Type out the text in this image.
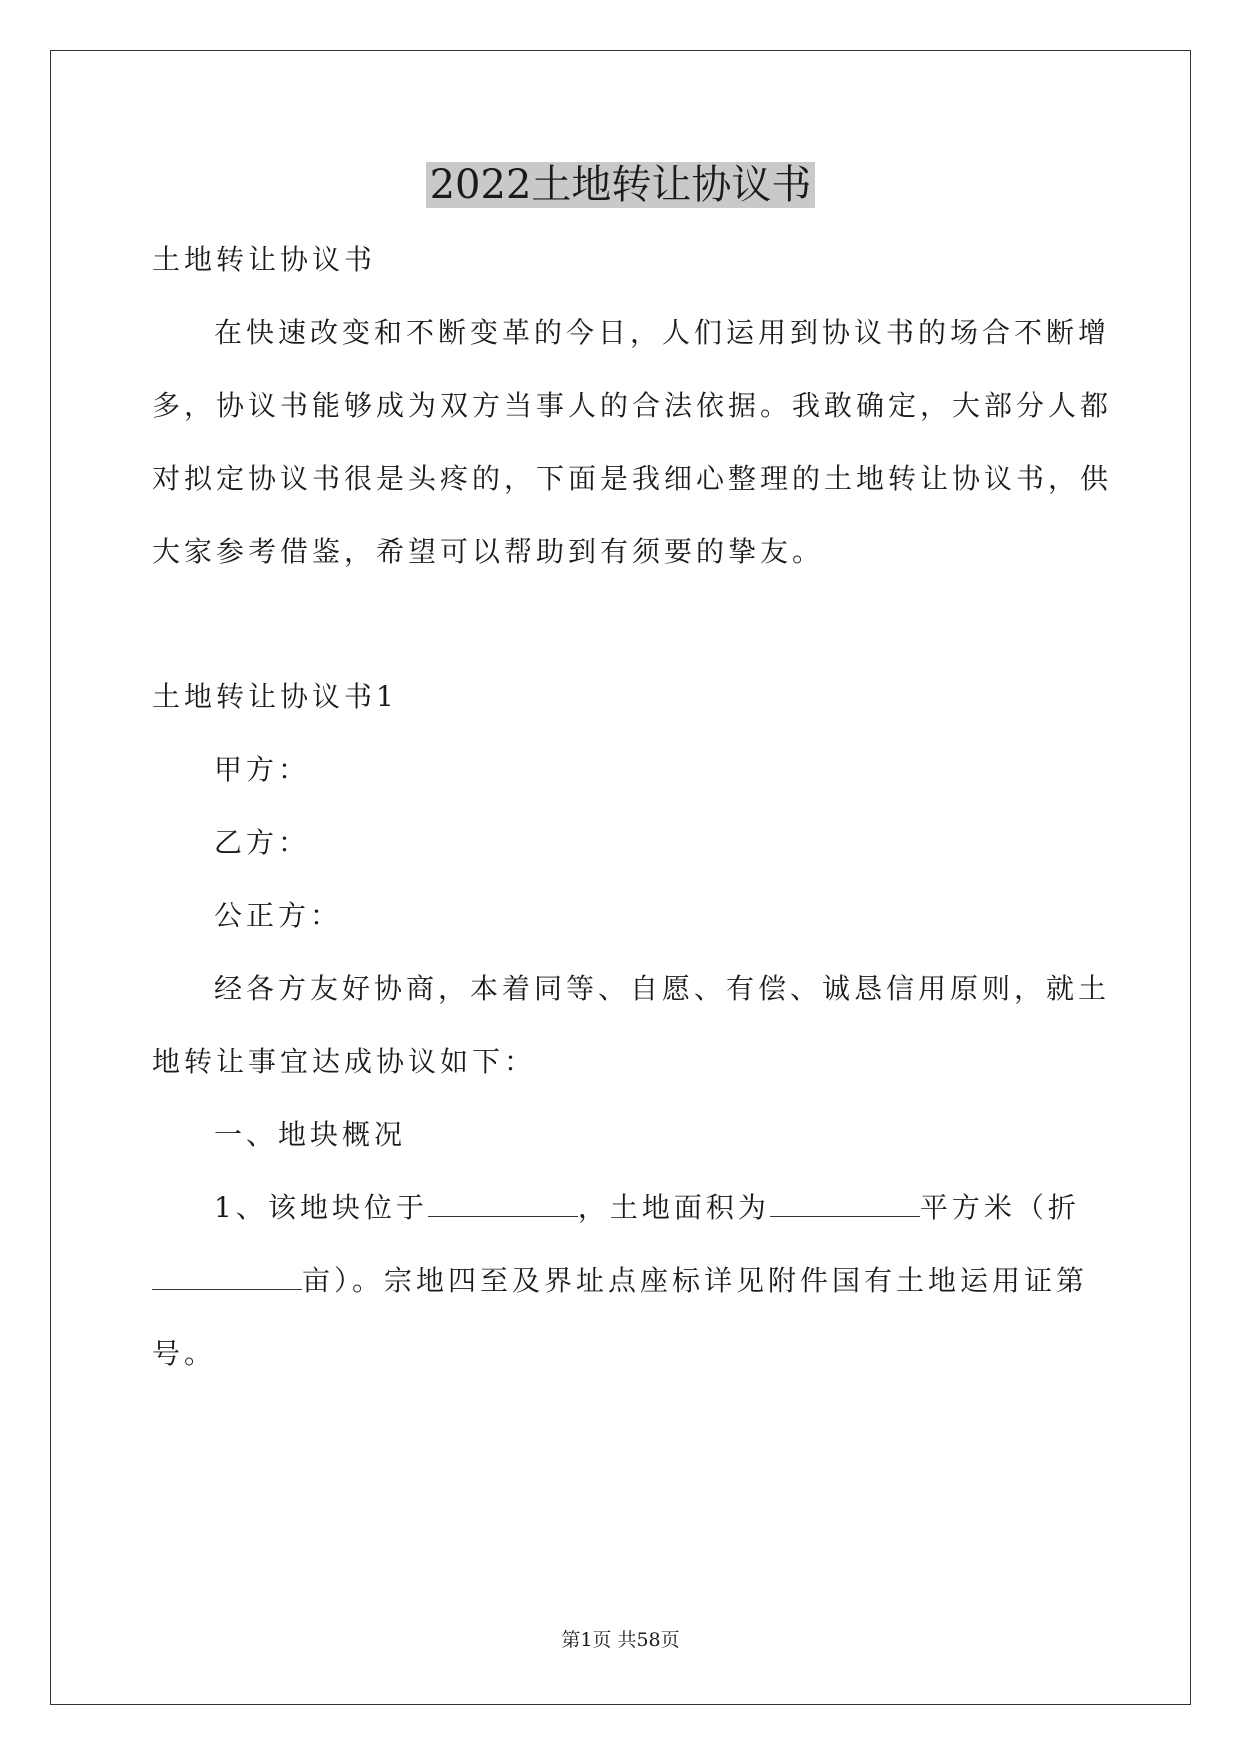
2022土地转让协议书
土地转让协议书
在快速改变和不断变革的今日，人们运用到协议书的场合不断增
多，协议书能够成为双方当事人的合法依据。我敢确定，大部分人都
对拟定协议书很是头疼的，下面是我细心整理的土地转让协议书，供
大家参考借鉴，希望可以帮助到有须要的挚友。
土地转让协议书1
甲方：
乙方：
公正方：
经各方友好协商，本着同等、自愿、有偿、诚恳信用原则，就土
地转让事宜达成协议如下：
一、地块概况
1、该地块位于	，土地面积为	平方米（折
亩）。宗地四至及界址点座标详见附件国有土地运用证第
号。
第1页 共58页
